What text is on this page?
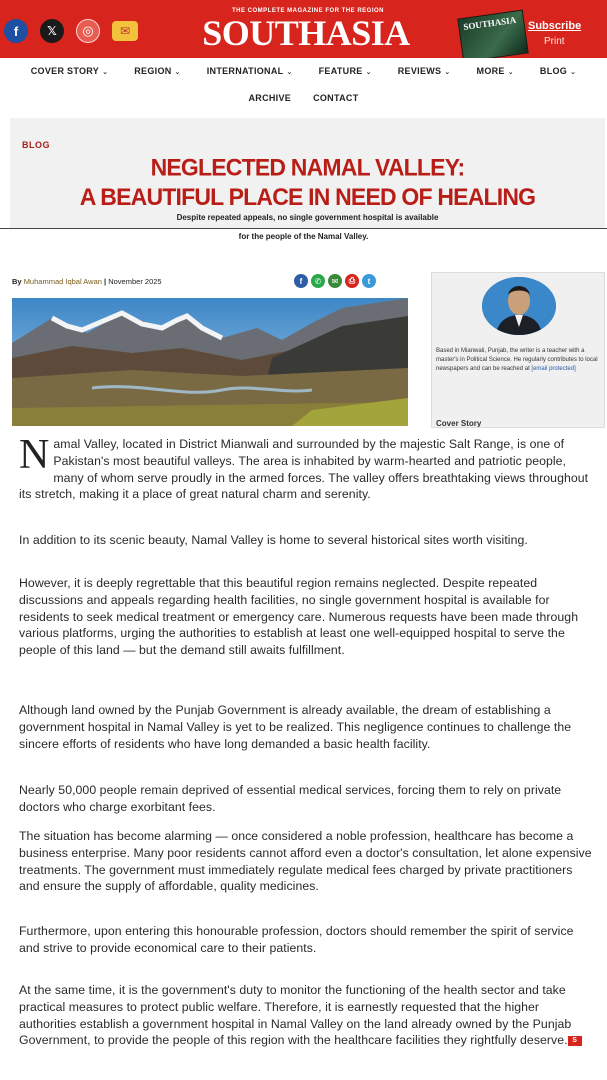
f	𝕏	◎	✉
THE COMPLETE MAGAZINE FOR THE REGION
SOUTHASIA	SOUTHASIA	Subscribe
Print
COVER STORY ⌄	REGION ⌄	INTERNATIONAL ⌄	FEATURE ⌄	REVIEWS ⌄	MORE ⌄	BLOG ⌄
ARCHIVE CONTACT
BLOG
NEGLECTED NAMAL VALLEY:
A BEAUTIFUL PLACE IN NEED OF HEALING
Despite repeated appeals, no single government hospital is available
for the people of the Namal Valley.
By Muhammad Iqbal Awan | November 2025	f	✆	✉	⎙	t
Based in Mianwali, Punjab, the writer is a teacher with a master's in Political Science. He regularly contributes to local newspapers and can be reached at [email protected]
Cover Story
Namal Valley, located in District Mianwali and surrounded by the majestic Salt Range, is one of Pakistan's most beautiful valleys. The area is inhabited by warm-hearted and patriotic people, many of whom serve proudly in the armed forces. The valley offers breathtaking views throughout its stretch, making it a place of great natural charm and serenity.
In addition to its scenic beauty, Namal Valley is home to several historical sites worth visiting.
However, it is deeply regrettable that this beautiful region remains neglected. Despite repeated discussions and appeals regarding health facilities, no single government hospital is available for residents to seek medical treatment or emergency care. Numerous requests have been made through various platforms, urging the authorities to establish at least one well-equipped hospital to serve the people of this land — but the demand still awaits fulfillment.
Although land owned by the Punjab Government is already available, the dream of establishing a government hospital in Namal Valley is yet to be realized. This negligence continues to challenge the sincere efforts of residents who have long demanded a basic health facility.
Nearly 50,000 people remain deprived of essential medical services, forcing them to rely on private doctors who charge exorbitant fees.
The situation has become alarming — once considered a noble profession, healthcare has become a business enterprise. Many poor residents cannot afford even a doctor's consultation, let alone expensive treatments. The government must immediately regulate medical fees charged by private practitioners and ensure the supply of affordable, quality medicines.
Furthermore, upon entering this honourable profession, doctors should remember the spirit of service and strive to provide economical care to their patients.
At the same time, it is the government's duty to monitor the functioning of the health sector and take practical measures to protect public welfare. Therefore, it is earnestly requested that the higher authorities establish a government hospital in Namal Valley on the land already owned by the Punjab Government, to provide the people of this region with the healthcare facilities they rightfully deserve. S
